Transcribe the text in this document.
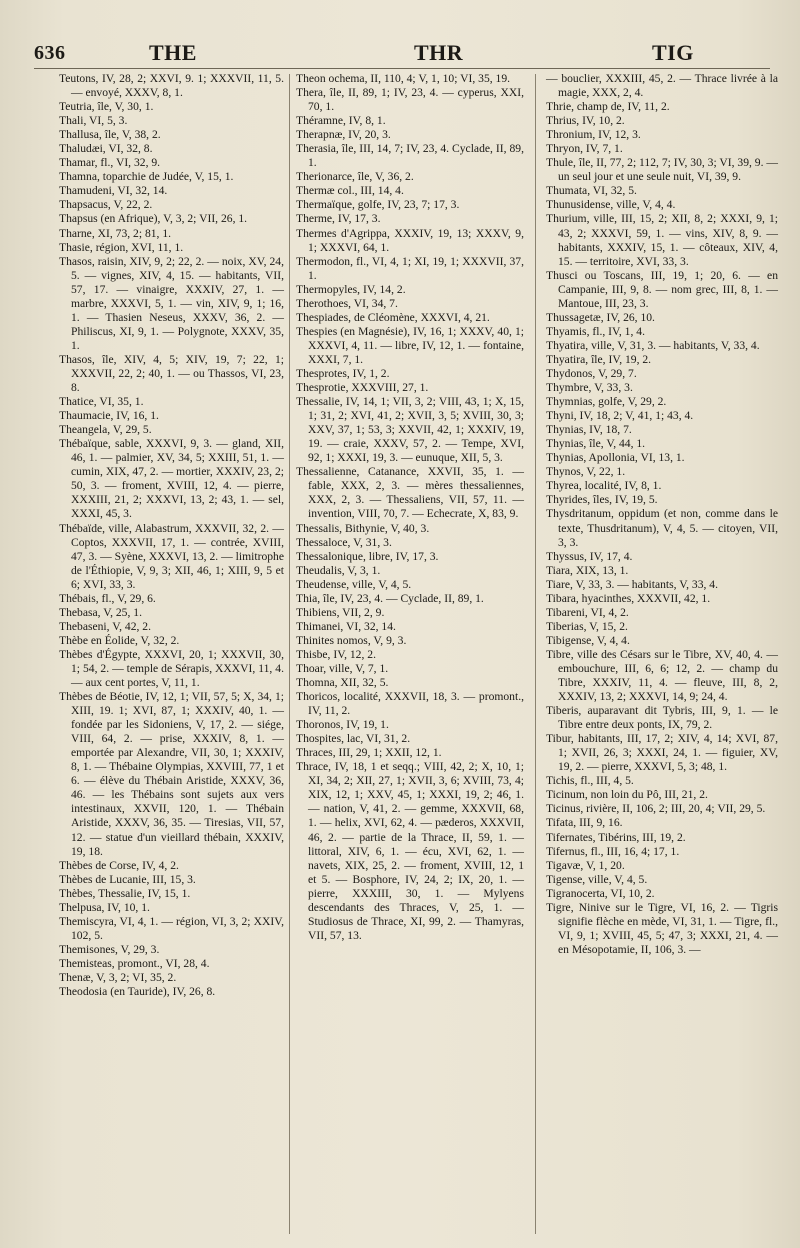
636	THE	THR	TIG

Teutons, IV, 28, 2; XXVI, 9. 1; XXXVII, 11, 5. — envoyé, XXXV, 8, 1.

Teutria, île, V, 30, 1.

Thali, VI, 5, 3.

Thallusa, île, V, 38, 2.

Thaludæi, VI, 32, 8.

Thamar, fl., VI, 32, 9.

Thamna, toparchie de Judée, V, 15, 1.

Thamudeni, VI, 32, 14.

Thapsacus, V, 22, 2.

Thapsus (en Afrique), V, 3, 2; VII, 26, 1.

Tharne, XI, 73, 2; 81, 1.

Thasie, région, XVI, 11, 1.

Thasos, raisin, XIV, 9, 2; 22, 2. — noix, XV, 24, 5. — vignes, XIV, 4, 15. — habitants, VII, 57, 17. — vinaigre, XXXIV, 27, 1. — marbre, XXXVI, 5, 1. — vin, XIV, 9, 1; 16, 1. — Thasien Neseus, XXXV, 36, 2. — Philiscus, XI, 9, 1. — Polygnote, XXXV, 35, 1.

Thasos, île, XIV, 4, 5; XIV, 19, 7; 22, 1; XXXVII, 22, 2; 40, 1. — ou Thassos, VI, 23, 8.

Thatice, VI, 35, 1.

Thaumacie, IV, 16, 1.

Theangela, V, 29, 5.

Thébaïque, sable, XXXVI, 9, 3. — gland, XII, 46, 1. — palmier, XV, 34, 5; XXIII, 51, 1. — cumin, XIX, 47, 2. — mortier, XXXIV, 23, 2; 50, 3. — froment, XVIII, 12, 4. — pierre, XXXIII, 21, 2; XXXVI, 13, 2; 43, 1. — sel, XXXI, 45, 3.

Thébaïde, ville, Alabastrum, XXXVII, 32, 2. — Coptos, XXXVII, 17, 1. — contrée, XVIII, 47, 3. — Syène, XXXVI, 13, 2. — limitrophe de l'Éthiopie, V, 9, 3; XII, 46, 1; XIII, 9, 5 et 6; XVI, 33, 3.

Thébais, fl., V, 29, 6.

Thebasa, V, 25, 1.

Thebaseni, V, 42, 2.

Thèbe en Éolide, V, 32, 2.

Thèbes d'Égypte, XXXVI, 20, 1; XXXVII, 30, 1; 54, 2. — temple de Sérapis, XXXVI, 11, 4. — aux cent portes, V, 11, 1.

Thèbes de Béotie, IV, 12, 1; VII, 57, 5; X, 34, 1; XIII, 19. 1; XVI, 87, 1; XXXIV, 40, 1. — fondée par les Sidoniens, V, 17, 2. — siége, VIII, 64, 2. — prise, XXXIV, 8, 1. — emportée par Alexandre, VII, 30, 1; XXXIV, 8, 1. — Thébaine Olympias, XXVIII, 77, 1 et 6. — élève du Thébain Aristide, XXXV, 36, 46. — les Thébains sont sujets aux vers intestinaux, XXVII, 120, 1. — Thébain Aristide, XXXV, 36, 35. — Tiresias, VII, 57, 12. — statue d'un vieillard thébain, XXXIV, 19, 18.

Thèbes de Corse, IV, 4, 2.

Thèbes de Lucanie, III, 15, 3.

Thèbes, Thessalie, IV, 15, 1.

Thelpusa, IV, 10, 1.

Themiscyra, VI, 4, 1. — région, VI, 3, 2; XXIV, 102, 5.

Themisones, V, 29, 3.

Themisteas, promont., VI, 28, 4.

Thenæ, V, 3, 2; VI, 35, 2.

Theodosia (en Tauride), IV, 26, 8.

Theon ochema, II, 110, 4; V, 1, 10; VI, 35, 19.

Thera, île, II, 89, 1; IV, 23, 4. — cyperus, XXI, 70, 1.

Théramne, IV, 8, 1.

Therapnæ, IV, 20, 3.

Therasia, île, III, 14, 7; IV, 23, 4. Cyclade, II, 89, 1.

Therionarce, île, V, 36, 2.

Thermæ col., III, 14, 4.

Thermaïque, golfe, IV, 23, 7; 17, 3.

Therme, IV, 17, 3.

Thermes d'Agrippa, XXXIV, 19, 13; XXXV, 9, 1; XXXVI, 64, 1.

Thermodon, fl., VI, 4, 1; XI, 19, 1; XXXVII, 37, 1.

Thermopyles, IV, 14, 2.

Therothoes, VI, 34, 7.

Thespiades, de Cléomène, XXXVI, 4, 21.

Thespies (en Magnésie), IV, 16, 1; XXXV, 40, 1; XXXVI, 4, 11. — libre, IV, 12, 1. — fontaine, XXXI, 7, 1.

Thesprotes, IV, 1, 2.

Thesprotie, XXXVIII, 27, 1.

Thessalie, IV, 14, 1; VII, 3, 2; VIII, 43, 1; X, 15, 1; 31, 2; XVI, 41, 2; XVII, 3, 5; XVIII, 30, 3; XXV, 37, 1; 53, 3; XXVII, 42, 1; XXXIV, 19, 19. — craie, XXXV, 57, 2. — Tempe, XVI, 92, 1; XXXI, 19, 3. — eunuque, XII, 5, 3.

Thessalienne, Catanance, XXVII, 35, 1. — fable, XXX, 2, 3. — mères thessaliennes, XXX, 2, 3. — Thessaliens, VII, 57, 11. — invention, VIII, 70, 7. — Echecrate, X, 83, 9.

Thessalis, Bithynie, V, 40, 3.

Thessaloce, V, 31, 3.

Thessalonique, libre, IV, 17, 3.

Theudalis, V, 3, 1.

Theudense, ville, V, 4, 5.

Thia, île, IV, 23, 4. — Cyclade, II, 89, 1.

Thibiens, VII, 2, 9.

Thimanei, VI, 32, 14.

Thinites nomos, V, 9, 3.

Thisbe, IV, 12, 2.

Thoar, ville, V, 7, 1.

Thomna, XII, 32, 5.

Thoricos, localité, XXXVII, 18, 3. — promont., IV, 11, 2.

Thoronos, IV, 19, 1.

Thospites, lac, VI, 31, 2.

Thraces, III, 29, 1; XXII, 12, 1.

Thrace, IV, 18, 1 et seqq.; VIII, 42, 2; X, 10, 1; XI, 34, 2; XII, 27, 1; XVII, 3, 6; XVIII, 73, 4; XIX, 12, 1; XXV, 45, 1; XXXI, 19, 2; 46, 1. — nation, V, 41, 2. — gemme, XXXVII, 68, 1. — helix, XVI, 62, 4. — pæderos, XXXVII, 46, 2. — partie de la Thrace, II, 59, 1. — littoral, XIV, 6, 1. — écu, XVI, 62, 1. — navets, XIX, 25, 2. — froment, XVIII, 12, 1 et 5. — Bosphore, IV, 24, 2; IX, 20, 1. — pierre, XXXIII, 30, 1. — Mylyens descendants des Thraces, V, 25, 1. — Studiosus de Thrace, XI, 99, 2. — Thamyras, VII, 57, 13.

— bouclier, XXXIII, 45, 2. — Thrace livrée à la magie, XXX, 2, 4.

Thrie, champ de, IV, 11, 2.

Thrius, IV, 10, 2.

Thronium, IV, 12, 3.

Thryon, IV, 7, 1.

Thule, île, II, 77, 2; 112, 7; IV, 30, 3; VI, 39, 9. — un seul jour et une seule nuit, VI, 39, 9.

Thumata, VI, 32, 5.

Thunusidense, ville, V, 4, 4.

Thurium, ville, III, 15, 2; XII, 8, 2; XXXI, 9, 1; 43, 2; XXXVI, 59, 1. — vins, XIV, 8, 9. — habitants, XXXIV, 15, 1. — côteaux, XIV, 4, 15. — territoire, XVI, 33, 3.

Thusci ou Toscans, III, 19, 1; 20, 6. — en Campanie, III, 9, 8. — nom grec, III, 8, 1. — Mantoue, III, 23, 3.

Thussagetæ, IV, 26, 10.

Thyamis, fl., IV, 1, 4.

Thyatira, ville, V, 31, 3. — habitants, V, 33, 4.

Thyatira, île, IV, 19, 2.

Thydonos, V, 29, 7.

Thymbre, V, 33, 3.

Thymnias, golfe, V, 29, 2.

Thyni, IV, 18, 2; V, 41, 1; 43, 4.

Thynias, IV, 18, 7.

Thynias, île, V, 44, 1.

Thynias, Apollonia, VI, 13, 1.

Thynos, V, 22, 1.

Thyrea, localité, IV, 8, 1.

Thyrides, îles, IV, 19, 5.

Thysdritanum, oppidum (et non, comme dans le texte, Thusdritanum), V, 4, 5. — citoyen, VII, 3, 3.

Thyssus, IV, 17, 4.

Tiara, XIX, 13, 1.

Tiare, V, 33, 3. — habitants, V, 33, 4.

Tibara, hyacinthes, XXXVII, 42, 1.

Tibareni, VI, 4, 2.

Tiberias, V, 15, 2.

Tibigense, V, 4, 4.

Tibre, ville des Césars sur le Tibre, XV, 40, 4. — embouchure, III, 6, 6; 12, 2. — champ du Tibre, XXXIV, 11, 4. — fleuve, III, 8, 2, XXXIV, 13, 2; XXXVI, 14, 9; 24, 4.

Tiberis, auparavant dit Tybris, III, 9, 1. — le Tibre entre deux ponts, IX, 79, 2.

Tibur, habitants, III, 17, 2; XIV, 4, 14; XVI, 87, 1; XVII, 26, 3; XXXI, 24, 1. — figuier, XV, 19, 2. — pierre, XXXVI, 5, 3; 48, 1.

Tichis, fl., III, 4, 5.

Ticinum, non loin du Pô, III, 21, 2.

Ticinus, rivière, II, 106, 2; III, 20, 4; VII, 29, 5.

Tifata, III, 9, 16.

Tifernates, Tibérins, III, 19, 2.

Tifernus, fl., III, 16, 4; 17, 1.

Tigavæ, V, 1, 20.

Tigense, ville, V, 4, 5.

Tigranocerta, VI, 10, 2.

Tigre, Ninive sur le Tigre, VI, 16, 2. — Tigris signifie flèche en mède, VI, 31, 1. — Tigre, fl., VI, 9, 1; XVIII, 45, 5; 47, 3; XXXI, 21, 4. — en Mésopotamie, II, 106, 3. —
